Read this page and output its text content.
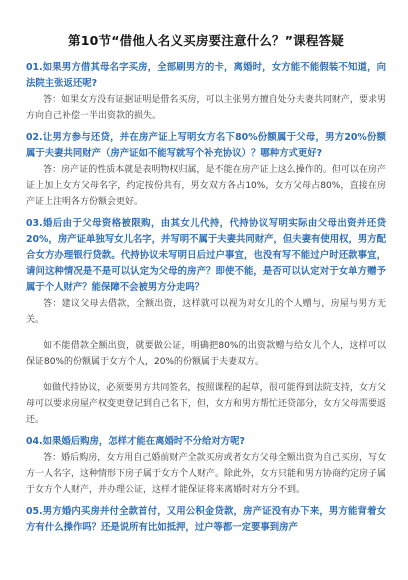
第10节“借他人名义买房要注意什么？”课程答疑

01.如果男方借其母名字买房，全部刷男方的卡，离婚时，女方能不能假装不知道，向法院主张返还呢?

答：如果女方没有证据证明是借名买房，可以主张男方擅自处分夫妻共同财产，要求男方向自己补偿一半出资款的损失。

02.让男方参与还贷，并在房产证上写明女方名下80%份额属于父母，男方20%份额属于夫妻共同财产（房产证如不能写就写个补充协议）？哪种方式更好?

答：房产证的性质本就是表明物权归属，是不能在房产证上这么操作的。但可以在房产证上加上女方父母名字，约定按份共有，男女双方各占10%，女方父母占80%，直接在房产证上注明各方份额会更好。

03.婚后由于父母资格被限购，由其女儿代持，代持协议写明实际由父母出资并还贷20%，房产证单独写女儿名字，并写明不属于夫妻共同财产，但夫妻有使用权，男方配合女方办理银行贷款。代持协议未写明日后过户事宜，也没有写不能过户时还款事宜，请问这种情况是不是可以认定为父母的房产？即使不能，是否可以认定对于女单方赠予属于个人财产？能保障不会被男方分走吗？

答：建议父母去借款，全额出资，这样就可以视为对女儿的个人赠与，房屋与男方无关。

如不能借款全额出资，就要做公证，明确把80%的出资款赠与给女儿个人，这样可以保证80%的份额属于女方个人，20%的份额属于夫妻双方。

如做代持协议，必须要男方共同签名，按照课程的起草，很可能得到法院支持，女方父母可以要求房屋产权变更登记到自己名下，但，女方和男方帮忙还贷部分，女方父母需要返还。

04.如果婚后购房，怎样才能在离婚时不分给对方呢?

答：婚后购房，女方用自己婚前财产全款买房或者女方父母全额出资为自己买房，写女方一人名字，这种情形下房子属于女方个人财产。除此外，女方只能和男方协商约定房子属于女方个人财产，并办理公证，这样才能保证将来离婚时对方分不到。

05.男方婚内买房并付全款首付，又用公积金贷款，房产证没有办下来，男方能背着女方有什么操作吗？还是说所有比如抵押，过户等都一定要事到房产
